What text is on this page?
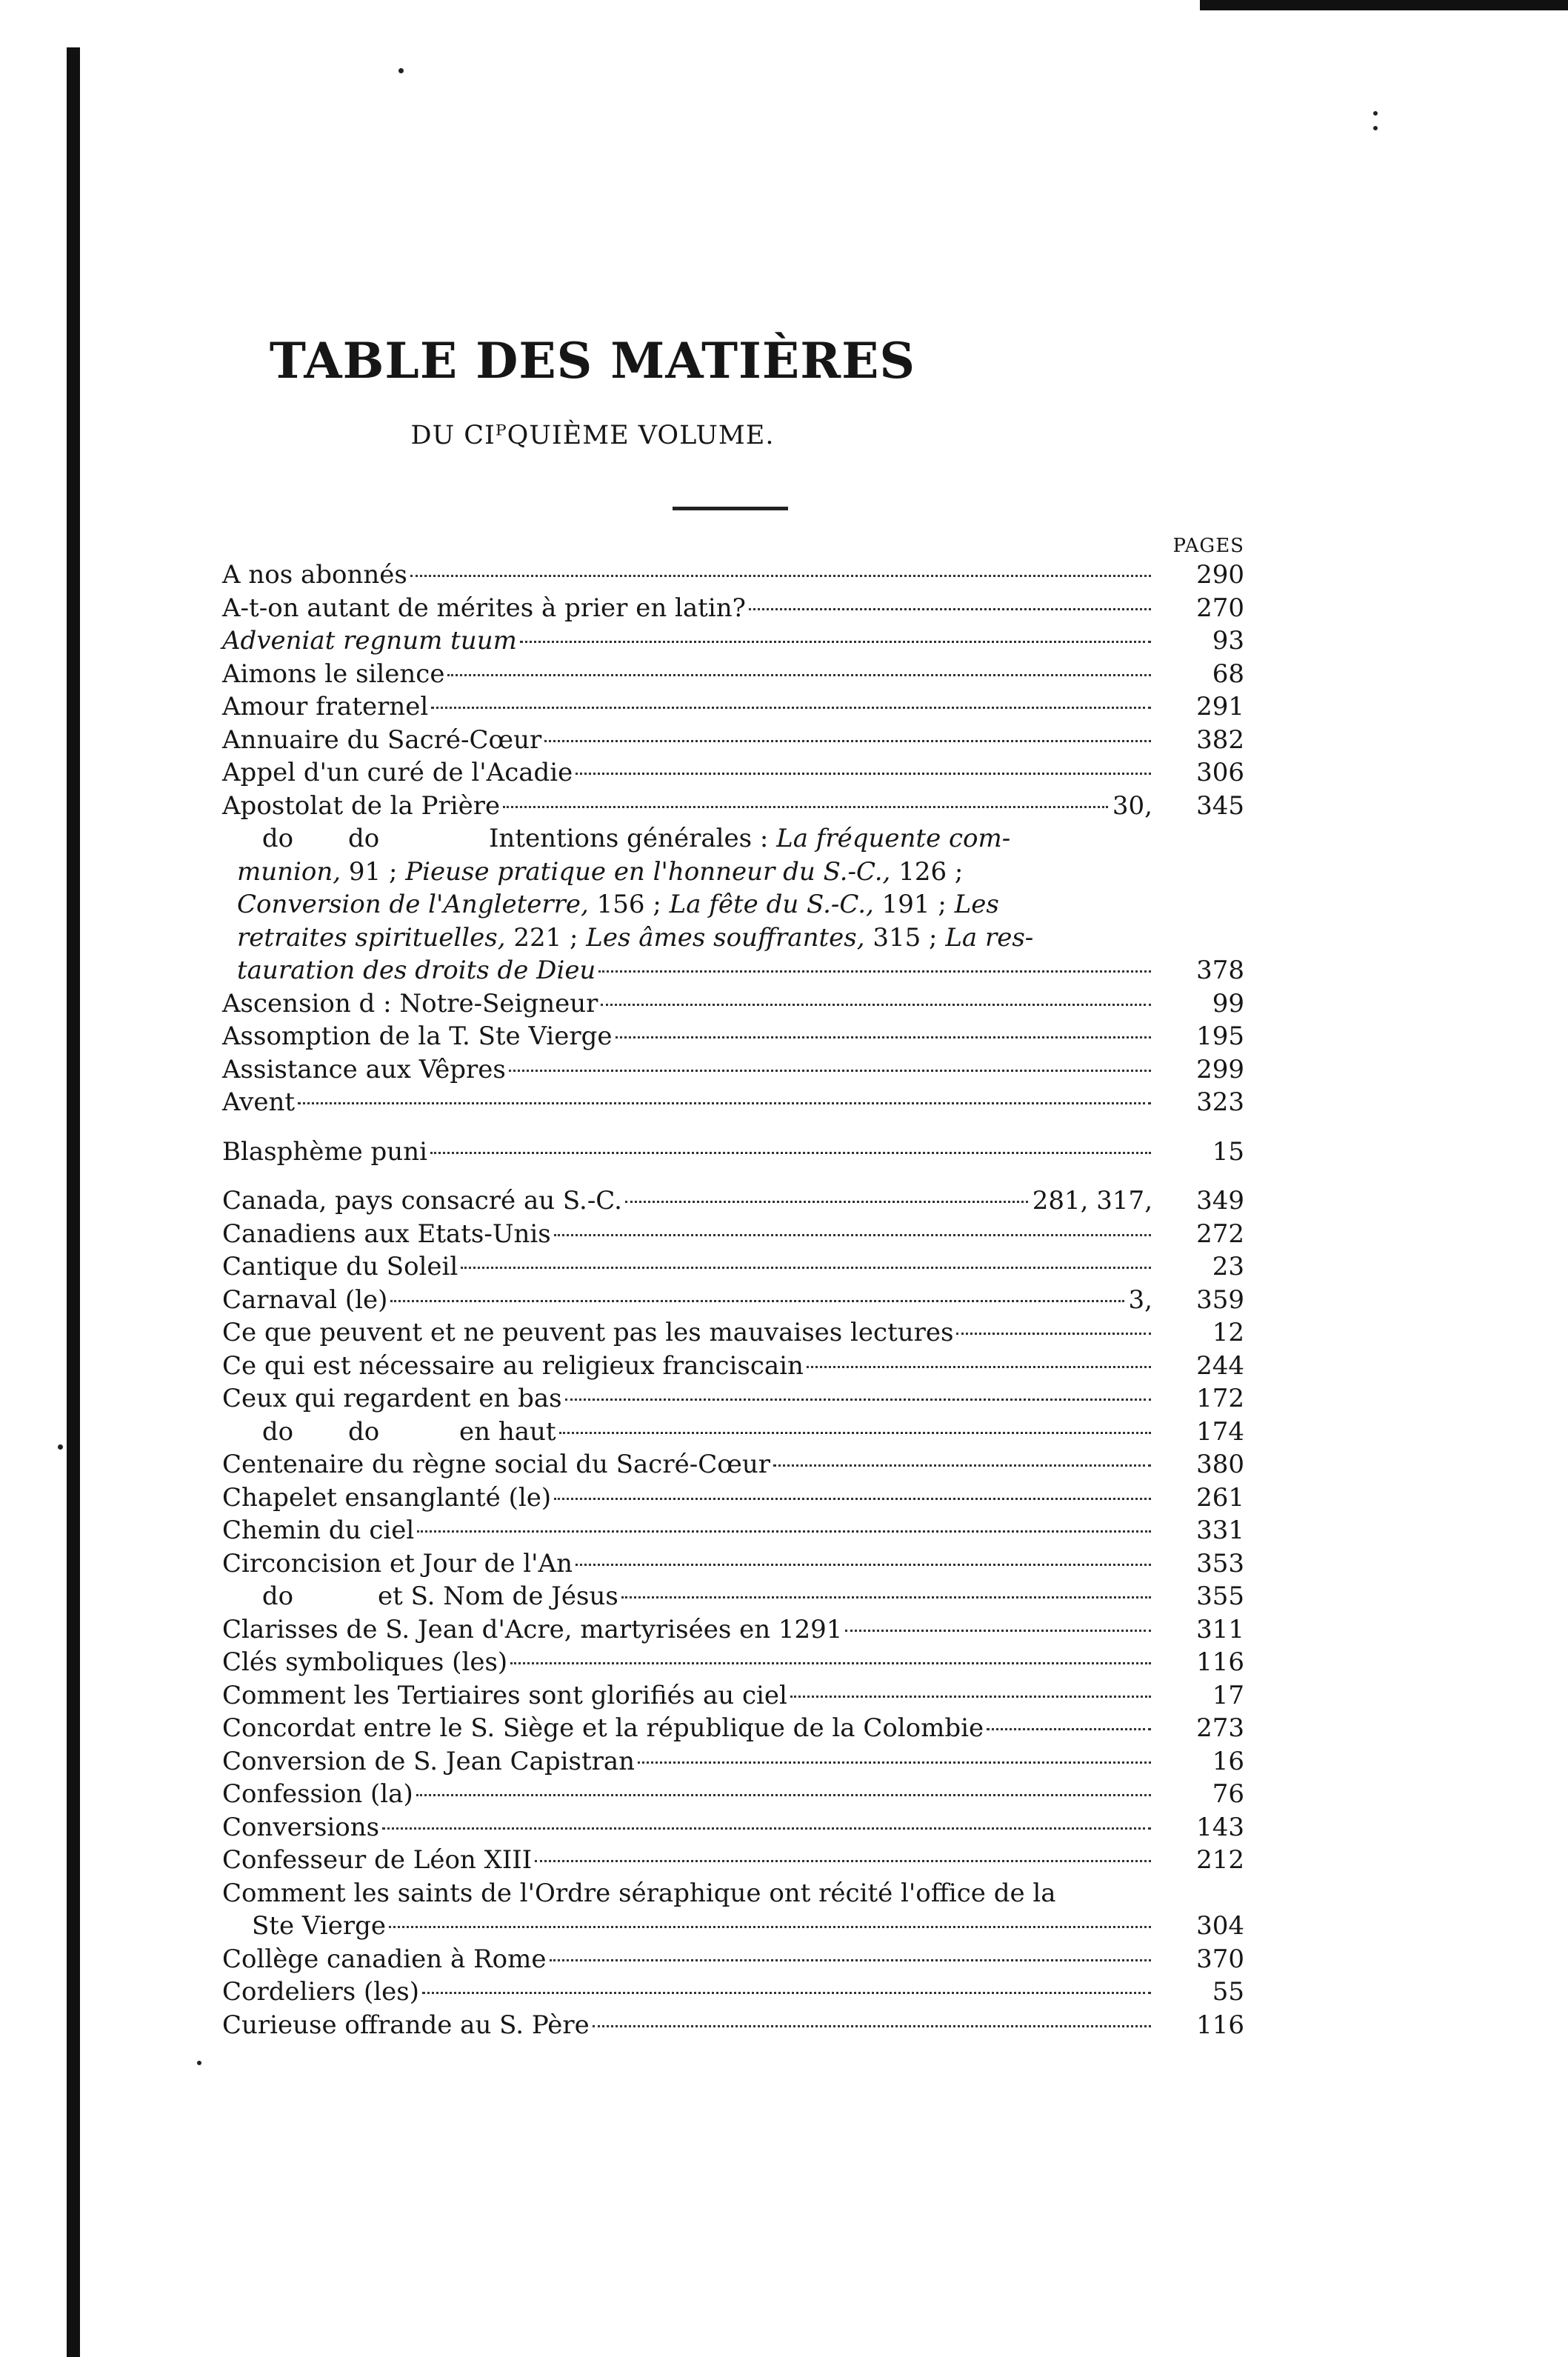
TABLE DES MATIÈRES
DU CIᴾQUIÈME VOLUME.
PAGES
A nos abonnés	290
A-t-on autant de mérites à prier en latin?	270
Adveniat regnum tuum	93
Aimons le silence	68
Amour fraternel	291
Annuaire du Sacré-Cœur	382
Appel d'un curé de l'Acadie	306
Apostolat de la Prière	30,	345
do do	Intentions générales : La fréquente com-
munion, 91 ; Pieuse pratique en l'honneur du S.-C., 126 ;
Conversion de l'Angleterre, 156 ; La fête du S.-C., 191 ; Les
retraites spirituelles, 221 ; Les âmes souffrantes, 315 ; La res-
tauration des droits de Dieu	378
Ascension d : Notre-Seigneur	99
Assomption de la T. Ste Vierge	195
Assistance aux Vêpres	299
Avent	323
Blasphème puni	15
Canada, pays consacré au S.-C.	281, 317,	349
Canadiens aux Etats-Unis	272
Cantique du Soleil	23
Carnaval (le)	3,	359
Ce que peuvent et ne peuvent pas les mauvaises lectures	12
Ce qui est nécessaire au religieux franciscain	244
Ceux qui regardent en bas	172
do do	en haut	174
Centenaire du règne social du Sacré-Cœur	380
Chapelet ensanglanté (le)	261
Chemin du ciel	331
Circoncision et Jour de l'An	353
do	et S. Nom de Jésus	355
Clarisses de S. Jean d'Acre, martyrisées en 1291	311
Clés symboliques (les)	116
Comment les Tertiaires sont glorifiés au ciel	17
Concordat entre le S. Siège et la république de la Colombie	273
Conversion de S. Jean Capistran	16
Confession (la)	76
Conversions	143
Confesseur de Léon XIII	212
Comment les saints de l'Ordre séraphique ont récité l'office de la
Ste Vierge	304
Collège canadien à Rome	370
Cordeliers (les)	55
Curieuse offrande au S. Père	116
